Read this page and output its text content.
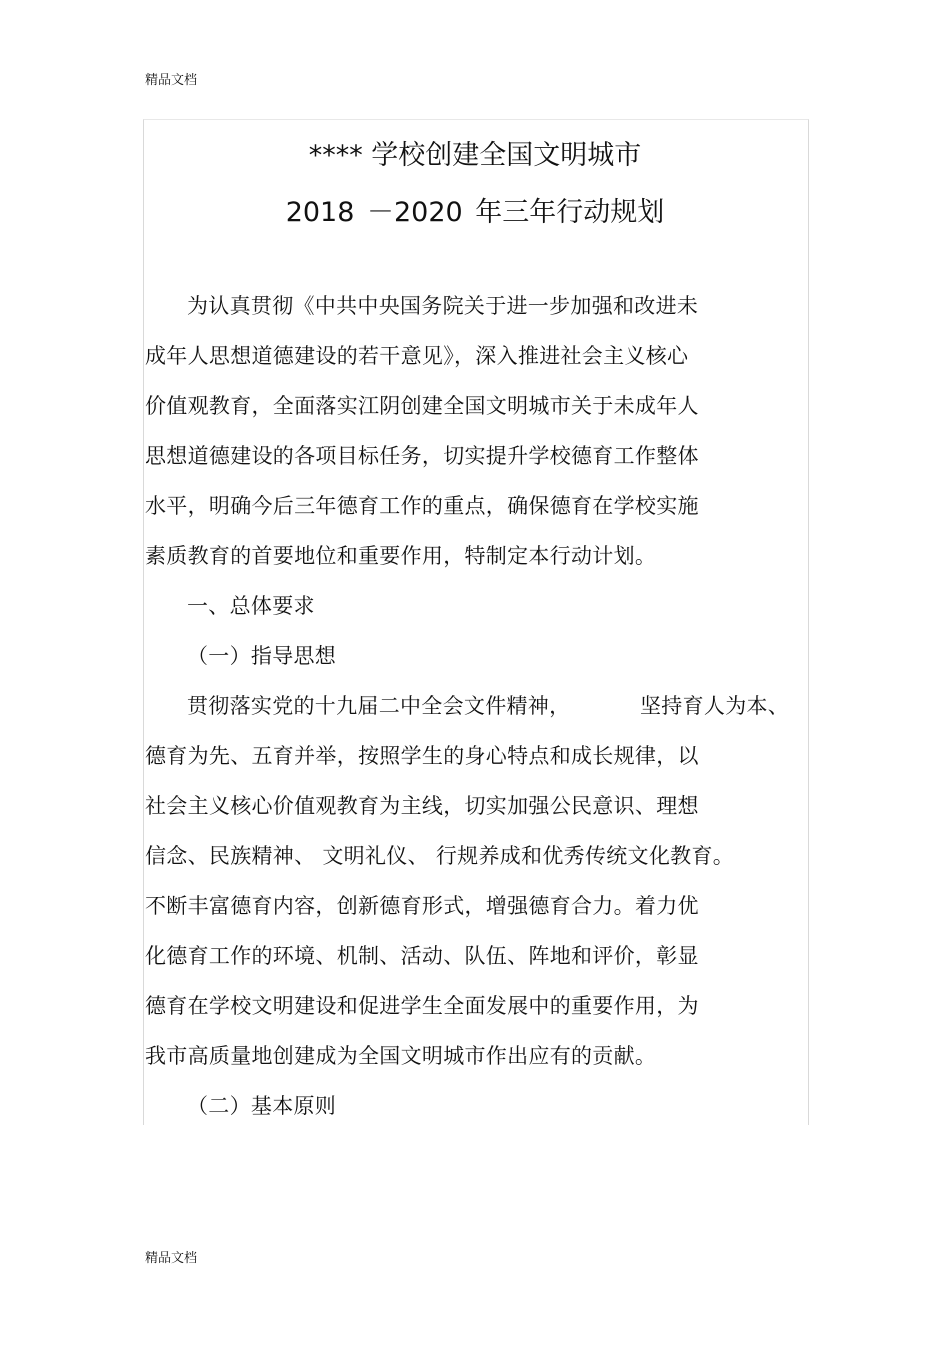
精品文档
**** 学校创建全国文明城市
2018 －2020 年三年行动规划
为认真贯彻《中共中央国务院关于进一步加强和改进未
成年人思想道德建设的若干意见》，深入推进社会主义核心
价值观教育，全面落实江阴创建全国文明城市关于未成年人
思想道德建设的各项目标任务，切实提升学校德育工作整体
水平，明确今后三年德育工作的重点，确保德育在学校实施
素质教育的首要地位和重要作用，特制定本行动计划。
一、总体要求
（一）指导思想
贯彻落实党的十九届二中全会文件精神，	坚持育人为本、
德育为先、五育并举，按照学生的身心特点和成长规律，以
社会主义核心价值观教育为主线，切实加强公民意识、理想
信念、民族精神、 文明礼仪、 行规养成和优秀传统文化教育。
不断丰富德育内容，创新德育形式，增强德育合力。着力优
化德育工作的环境、机制、活动、队伍、阵地和评价，彰显
德育在学校文明建设和促进学生全面发展中的重要作用，为
我市高质量地创建成为全国文明城市作出应有的贡献。
（二）基本原则
精品文档
